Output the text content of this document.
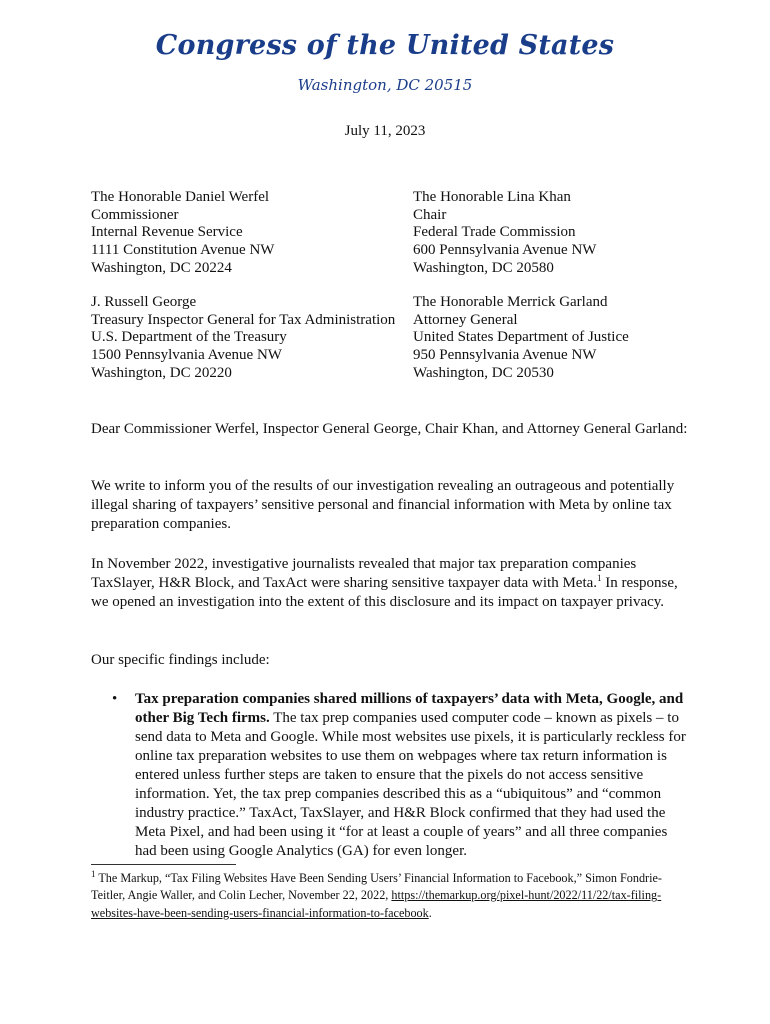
Congress of the United States
Washington, DC 20515
July 11, 2023
The Honorable Daniel Werfel
Commissioner
Internal Revenue Service
1111 Constitution Avenue NW
Washington, DC 20224
The Honorable Lina Khan
Chair
Federal Trade Commission
600 Pennsylvania Avenue NW
Washington, DC 20580
J. Russell George
Treasury Inspector General for Tax Administration
U.S. Department of the Treasury
1500 Pennsylvania Avenue NW
Washington, DC 20220
The Honorable Merrick Garland
Attorney General
United States Department of Justice
950 Pennsylvania Avenue NW
Washington, DC 20530

Dear Commissioner Werfel, Inspector General George, Chair Khan, and Attorney General Garland:

We write to inform you of the results of our investigation revealing an outrageous and potentially illegal sharing of taxpayers’ sensitive personal and financial information with Meta by online tax preparation companies.

In November 2022, investigative journalists revealed that major tax preparation companies TaxSlayer, H&R Block, and TaxAct were sharing sensitive taxpayer data with Meta.$^1$ In response, we opened an investigation into the extent of this disclosure and its impact on taxpayer privacy.

Our specific findings include:

• Tax preparation companies shared millions of taxpayers’ data with Meta, Google, and other Big Tech firms. The tax prep companies used computer code – known as pixels – to send data to Meta and Google. While most websites use pixels, it is particularly reckless for online tax preparation websites to use them on webpages where tax return information is entered unless further steps are taken to ensure that the pixels do not access sensitive information. Yet, the tax prep companies described this as a “ubiquitous” and “common industry practice.” TaxAct, TaxSlayer, and H&R Block confirmed that they had used the Meta Pixel, and had been using it “for at least a couple of years” and all three companies had been using Google Analytics (GA) for even longer.
$^1$ The Markup, “Tax Filing Websites Have Been Sending Users’ Financial Information to Facebook,” Simon Fondrie-Teitler, Angie Waller, and Colin Lecher, November 22, 2022, https://themarkup.org/pixel-hunt/2022/11/22/tax-filing-websites-have-been-sending-users-financial-information-to-facebook.
